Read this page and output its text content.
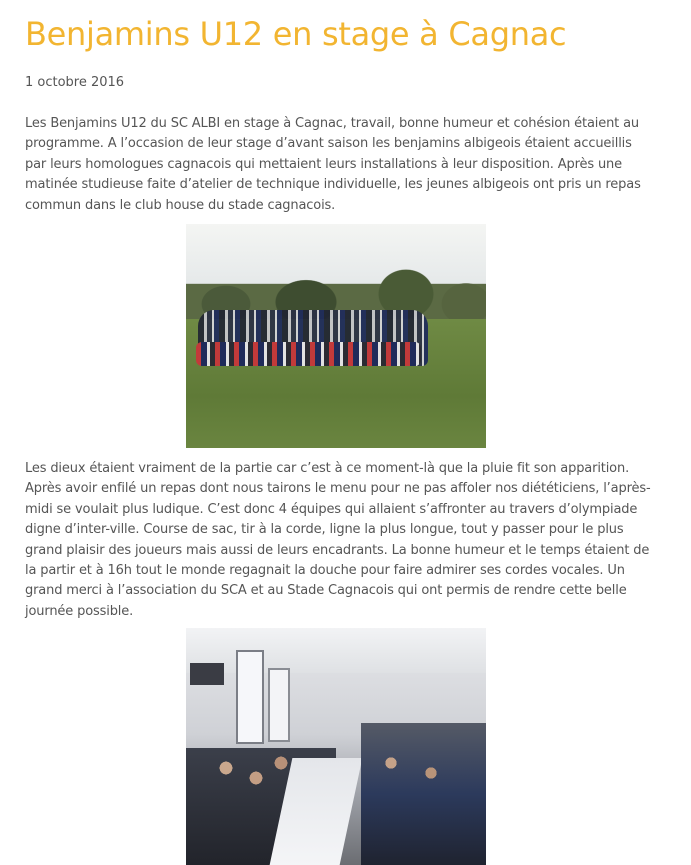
Benjamins U12 en stage à Cagnac
1 octobre 2016

Les Benjamins U12 du SC ALBI en stage à Cagnac, travail, bonne humeur et cohésion étaient au programme. A l’occasion de leur stage d’avant saison les benjamins albigeois étaient accueillis par leurs homologues cagnacois qui mettaient leurs installations à leur disposition. Après une matinée studieuse faite d’atelier de technique individuelle, les jeunes albigeois ont pris un repas commun dans le club house du stade cagnacois.

Les dieux étaient vraiment de la partie car c’est à ce moment-là que la pluie fit son apparition. Après avoir enfilé un repas dont nous tairons le menu pour ne pas affoler nos diététiciens, l’après-midi se voulait plus ludique. C’est donc 4 équipes qui allaient s’affronter au travers d’olympiade digne d’inter-ville. Course de sac, tir à la corde, ligne la plus longue, tout y passer pour le plus grand plaisir des joueurs mais aussi de leurs encadrants. La bonne humeur et le temps étaient de la partir et à 16h tout le monde regagnait la douche pour faire admirer ses cordes vocales. Un grand merci à l’association du SCA et au Stade Cagnacois qui ont permis de rendre cette belle journée possible.
